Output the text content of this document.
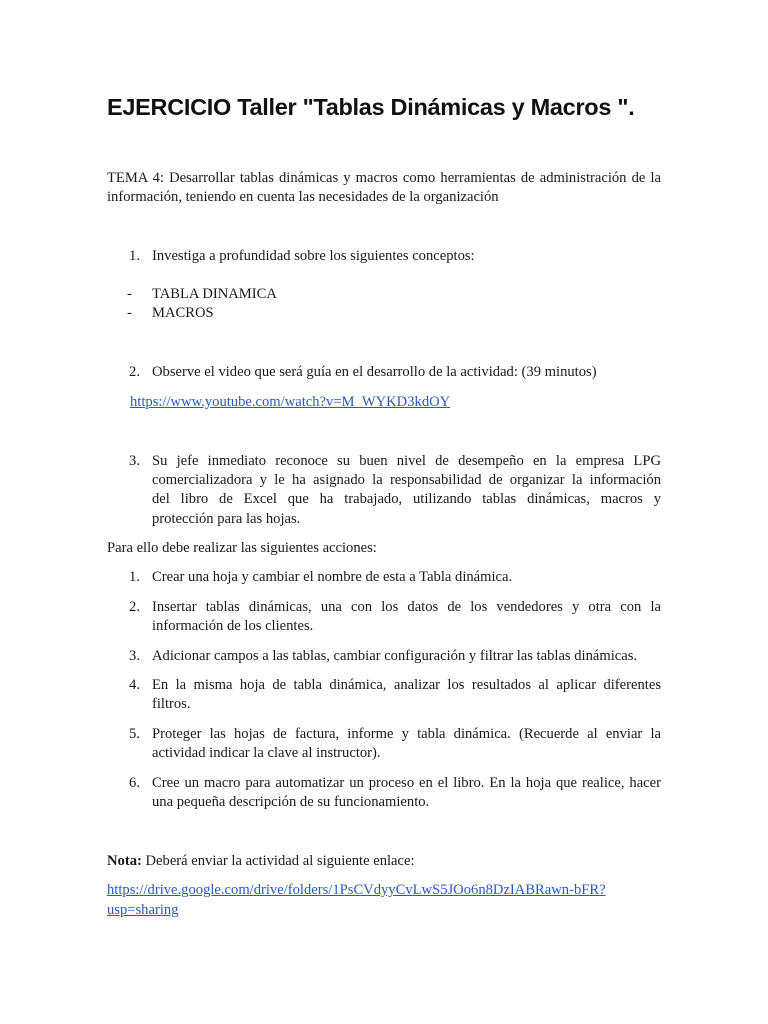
EJERCICIO Taller "Tablas Dinámicas y Macros ".
TEMA 4: Desarrollar tablas dinámicas y macros como herramientas de administración de la
información, teniendo en cuenta las necesidades de la organización
1. Investiga a profundidad sobre los siguientes conceptos:
- TABLA DINAMICA
- MACROS
2. Observe el video que será guía en el desarrollo de la actividad: (39 minutos)
https://www.youtube.com/watch?v=M_WYKD3kdOY
3. Su jefe inmediato reconoce su buen nivel de desempeño en la empresa LPG
comercializadora y le ha asignado la responsabilidad de organizar la información
del libro de Excel que ha trabajado, utilizando tablas dinámicas, macros y
protección para las hojas.
Para ello debe realizar las siguientes acciones:
1. Crear una hoja y cambiar el nombre de esta a Tabla dinámica.
2. Insertar tablas dinámicas, una con los datos de los vendedores y otra con la
información de los clientes.
3. Adicionar campos a las tablas, cambiar configuración y filtrar las tablas dinámicas.
4. En la misma hoja de tabla dinámica, analizar los resultados al aplicar diferentes
filtros.
5. Proteger las hojas de factura, informe y tabla dinámica. (Recuerde al enviar la
actividad indicar la clave al instructor).
6. Cree un macro para automatizar un proceso en el libro. En la hoja que realice, hacer
una pequeña descripción de su funcionamiento.
Nota: Deberá enviar la actividad al siguiente enlace:
https://drive.google.com/drive/folders/1PsCVdyyCvLwS5JOo6n8DzIABRawn-bFR?
usp=sharing
